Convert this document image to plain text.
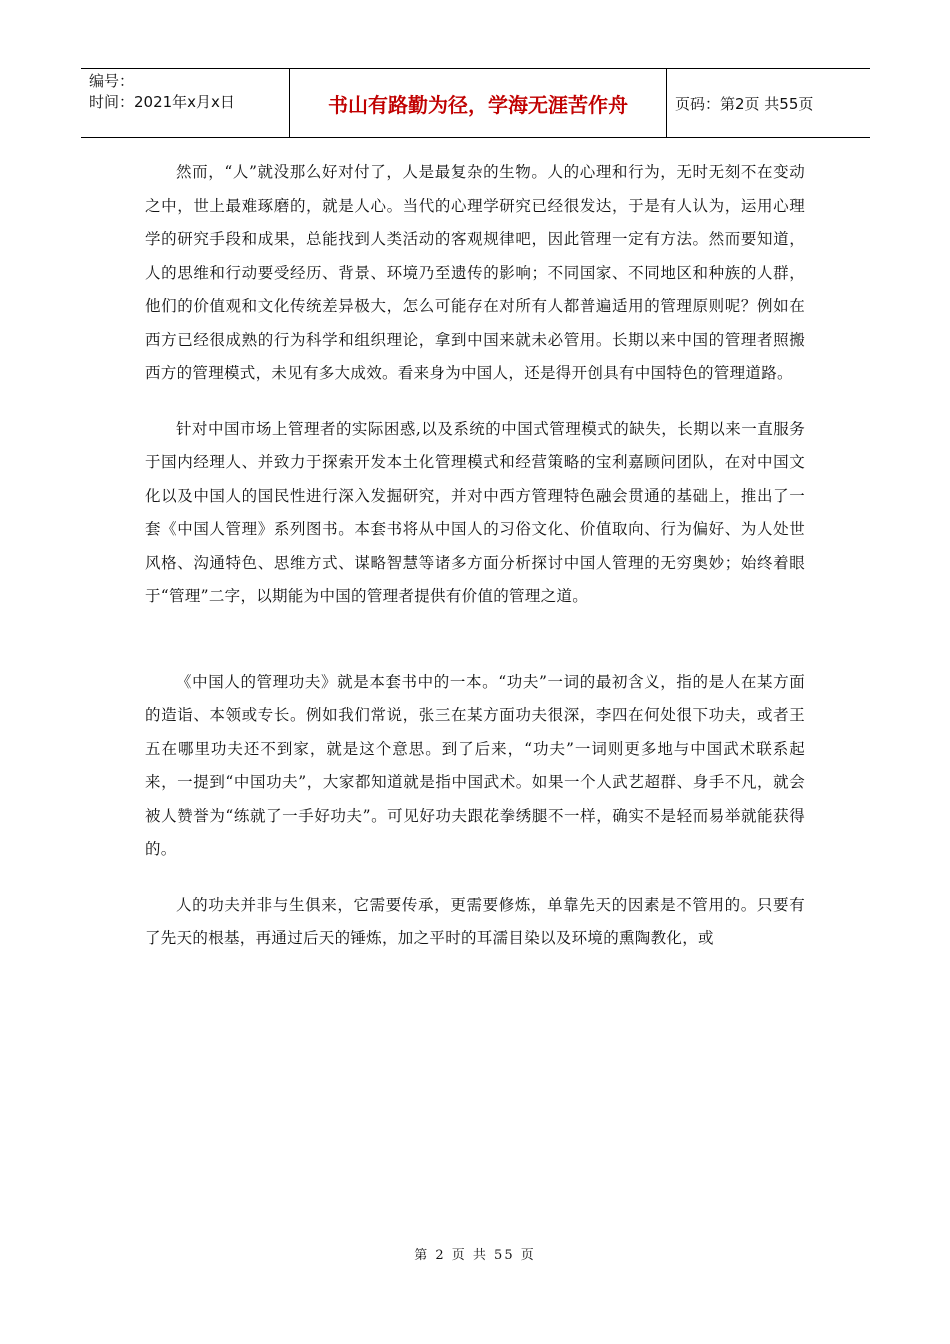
编号：
时间：2021年x月x日	书山有路勤为径，学海无涯苦作舟	页码：第2页 共55页

然而，“人”就没那么好对付了，人是最复杂的生物。人的心理和行为，无时无刻不在变动之中，世上最难琢磨的，就是人心。当代的心理学研究已经很发达，于是有人认为，运用心理学的研究手段和成果，总能找到人类活动的客观规律吧，因此管理一定有方法。然而要知道，人的思维和行动要受经历、背景、环境乃至遗传的影响；不同国家、不同地区和种族的人群，他们的价值观和文化传统差异极大，怎么可能存在对所有人都普遍适用的管理原则呢？例如在西方已经很成熟的行为科学和组织理论，拿到中国来就未必管用。长期以来中国的管理者照搬西方的管理模式，未见有多大成效。看来身为中国人，还是得开创具有中国特色的管理道路。

针对中国市场上管理者的实际困惑,以及系统的中国式管理模式的缺失，长期以来一直服务于国内经理人、并致力于探索开发本土化管理模式和经营策略的宝利嘉顾问团队，在对中国文化以及中国人的国民性进行深入发掘研究，并对中西方管理特色融会贯通的基础上，推出了一套《中国人管理》系列图书。本套书将从中国人的习俗文化、价值取向、行为偏好、为人处世风格、沟通特色、思维方式、谋略智慧等诸多方面分析探讨中国人管理的无穷奥妙；始终着眼于“管理”二字，以期能为中国的管理者提供有价值的管理之道。

《中国人的管理功夫》就是本套书中的一本。“功夫”一词的最初含义，指的是人在某方面的造诣、本领或专长。例如我们常说，张三在某方面功夫很深，李四在何处很下功夫，或者王五在哪里功夫还不到家，就是这个意思。到了后来，“功夫”一词则更多地与中国武术联系起来，一提到“中国功夫”，大家都知道就是指中国武术。如果一个人武艺超群、身手不凡，就会被人赞誉为“练就了一手好功夫”。可见好功夫跟花拳绣腿不一样，确实不是轻而易举就能获得的。

人的功夫并非与生俱来，它需要传承，更需要修炼，单靠先天的因素是不管用的。只要有了先天的根基，再通过后天的锤炼，加之平时的耳濡目染以及环境的熏陶教化，或

第 2 页 共 55 页
